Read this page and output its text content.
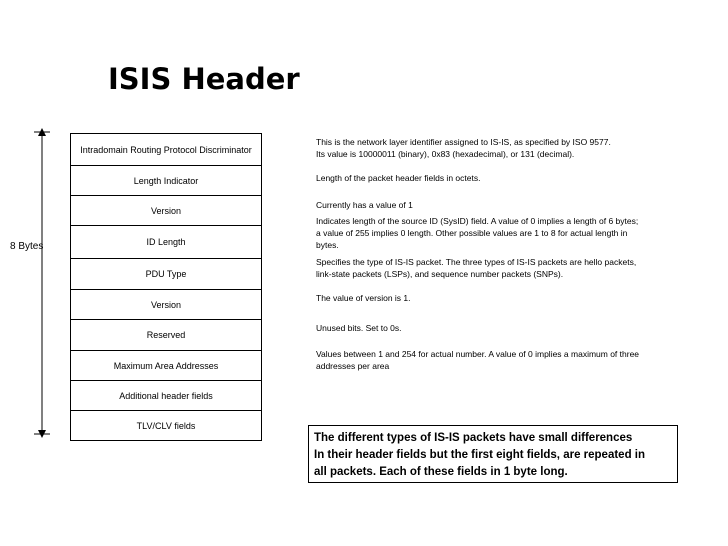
ISIS Header
8 Bytes
Intradomain Routing Protocol Discriminator
Length Indicator
Version
ID Length
PDU Type
Version
Reserved
Maximum Area Addresses
Additional header fields
TLV/CLV fields
This is the network layer identifier assigned to IS-IS, as specified by ISO 9577.
Its value is 10000011 (binary), 0x83 (hexadecimal), or 131 (decimal).
Length of the packet header fields in octets.
Currently has a value of 1
Indicates length of the source ID (SysID) field. A value of 0 implies a length of 6 bytes;
a value of 255 implies 0 length. Other possible values are 1 to 8 for actual length in
bytes.
Specifies the type of IS-IS packet. The three types of IS-IS packets are hello packets,
link-state packets (LSPs), and sequence number packets (SNPs).
The value of version is 1.
Unused bits. Set to 0s.
Values between 1 and 254 for actual number. A value of 0 implies a maximum of three
addresses per area
The different types of IS-IS packets have small differences
In their header fields but the first eight fields, are repeated in
all packets. Each of these fields in 1 byte long.
